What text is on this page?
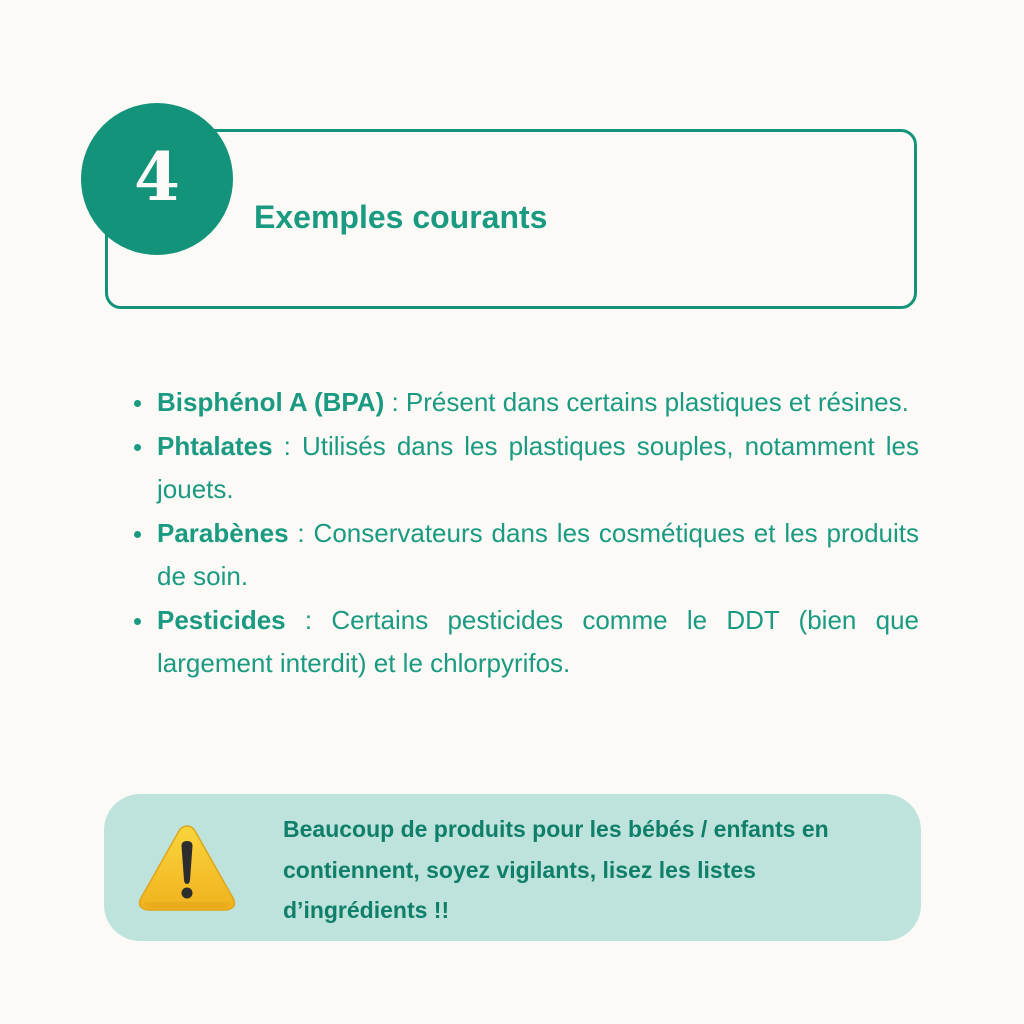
4
Exemples courants
Bisphénol A (BPA) : Présent dans certains plastiques et résines.
Phtalates : Utilisés dans les plastiques souples, notamment les jouets.
Parabènes : Conservateurs dans les cosmétiques et les produits de soin.
Pesticides : Certains pesticides comme le DDT (bien que largement interdit) et le chlorpyrifos.

Beaucoup de produits pour les bébés / enfants en contiennent, soyez vigilants, lisez les listes d’ingrédients !!
